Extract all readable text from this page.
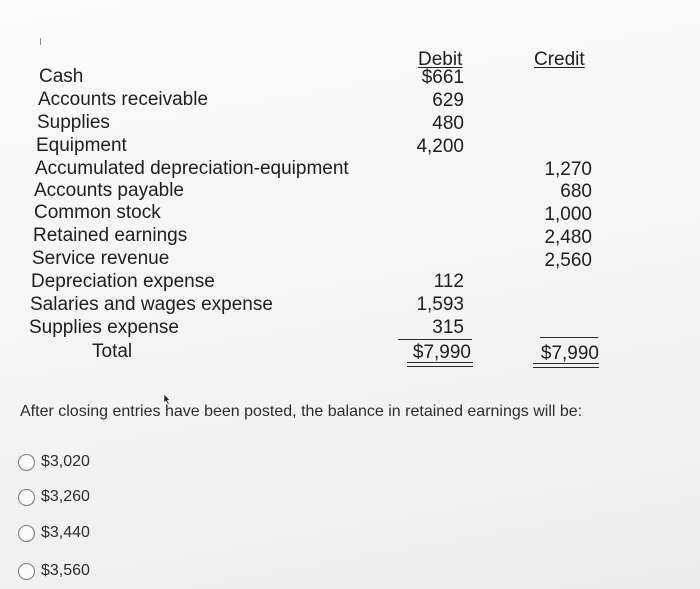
Debit	Credit
Cash
Accounts receivable
Supplies
Equipment
Accumulated depreciation-equipment
Accounts payable
Common stock
Retained earnings
Service revenue
Depreciation expense
Salaries and wages expense
Supplies expense
Total
$661
629
480
4,200
112
1,593
315
$7,990
1,270
680
1,000
2,480
2,560
$7,990
After closing entries have been posted, the balance in retained earnings will be:
$3,020
$3,260
$3,440
$3,560
